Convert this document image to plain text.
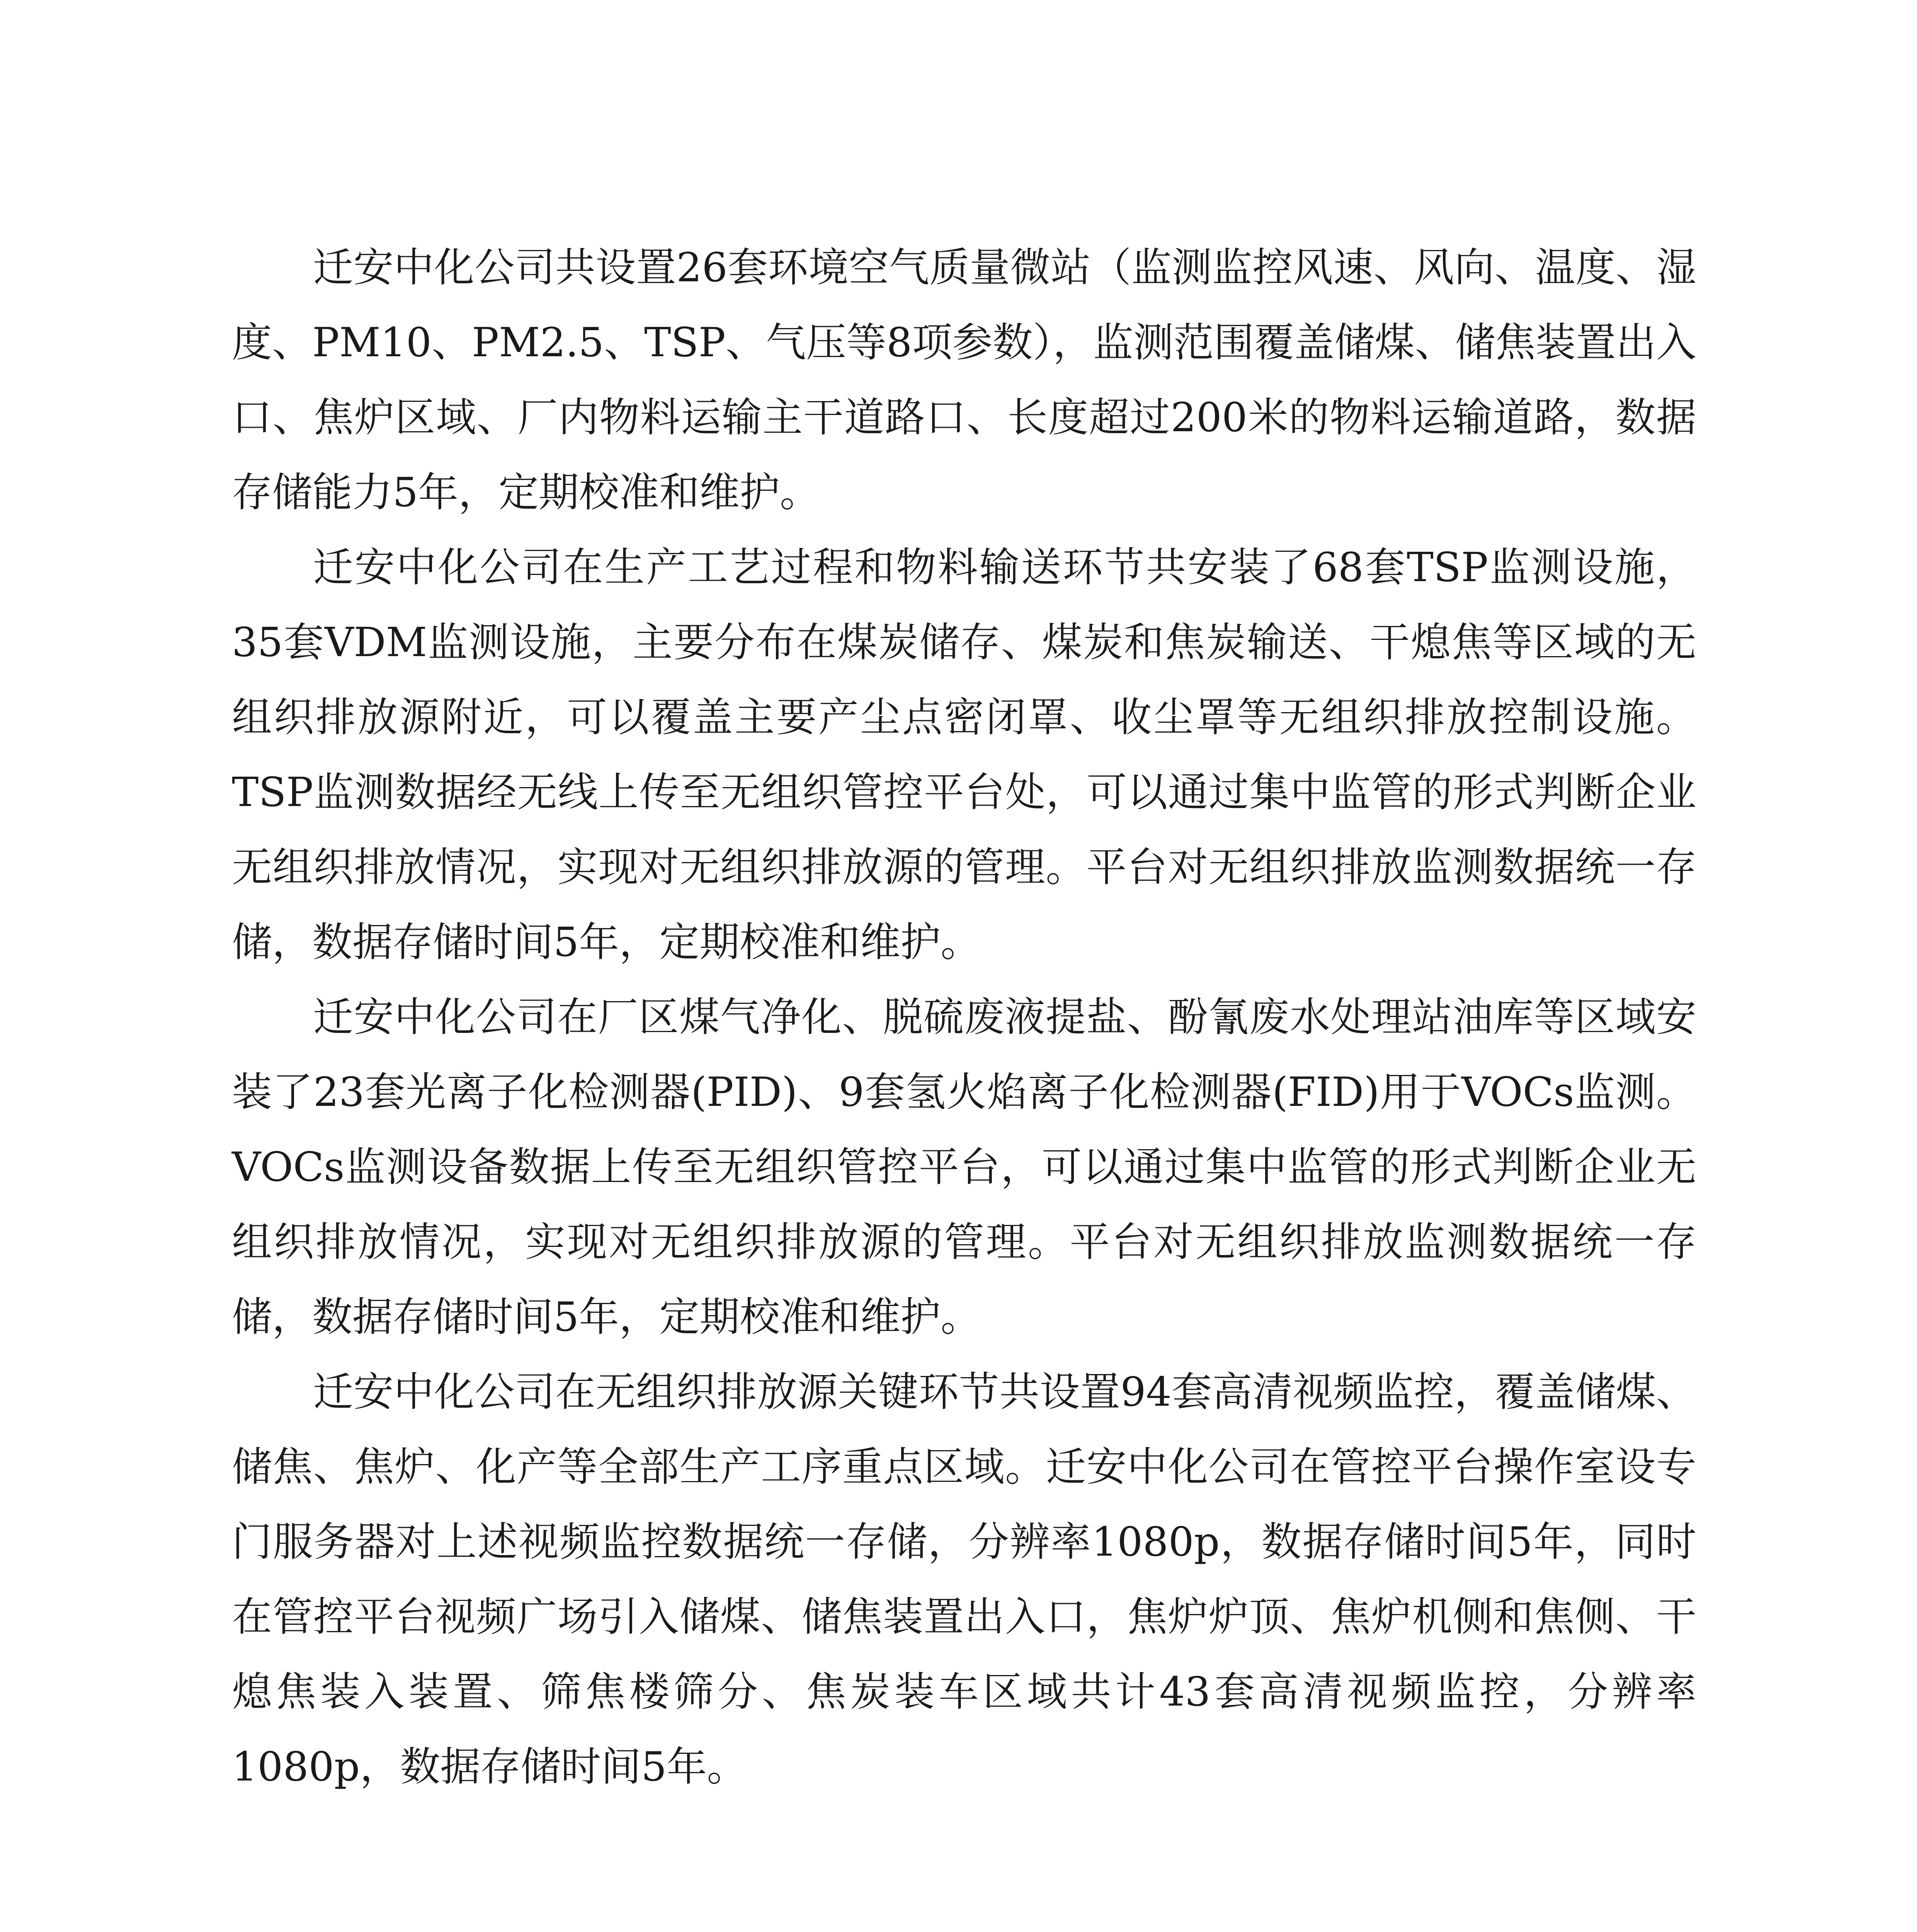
迁安中化公司共设置26套环境空气质量微站（监测监控风速、风向、温度、湿度、PM10、PM2.5、TSP、气压等8项参数），监测范围覆盖储煤、储焦装置出入口、焦炉区域、厂内物料运输主干道路口、长度超过200米的物料运输道路，数据存储能力5年，定期校准和维护。

迁安中化公司在生产工艺过程和物料输送环节共安装了68套TSP监测设施，35套VDM监测设施，主要分布在煤炭储存、煤炭和焦炭输送、干熄焦等区域的无组织排放源附近，可以覆盖主要产尘点密闭罩、收尘罩等无组织排放控制设施。TSP监测数据经无线上传至无组织管控平台处，可以通过集中监管的形式判断企业无组织排放情况，实现对无组织排放源的管理。平台对无组织排放监测数据统一存储，数据存储时间5年，定期校准和维护。

迁安中化公司在厂区煤气净化、脱硫废液提盐、酚氰废水处理站油库等区域安装了23套光离子化检测器(PID)、9套氢火焰离子化检测器(FID)用于VOCs监测。VOCs监测设备数据上传至无组织管控平台，可以通过集中监管的形式判断企业无组织排放情况，实现对无组织排放源的管理。平台对无组织排放监测数据统一存储，数据存储时间5年，定期校准和维护。

迁安中化公司在无组织排放源关键环节共设置94套高清视频监控，覆盖储煤、储焦、焦炉、化产等全部生产工序重点区域。迁安中化公司在管控平台操作室设专门服务器对上述视频监控数据统一存储，分辨率1080p，数据存储时间5年，同时在管控平台视频广场引入储煤、储焦装置出入口，焦炉炉顶、焦炉机侧和焦侧、干熄焦装入装置、筛焦楼筛分、焦炭装车区域共计43套高清视频监控，分辨率1080p，数据存储时间5年。
